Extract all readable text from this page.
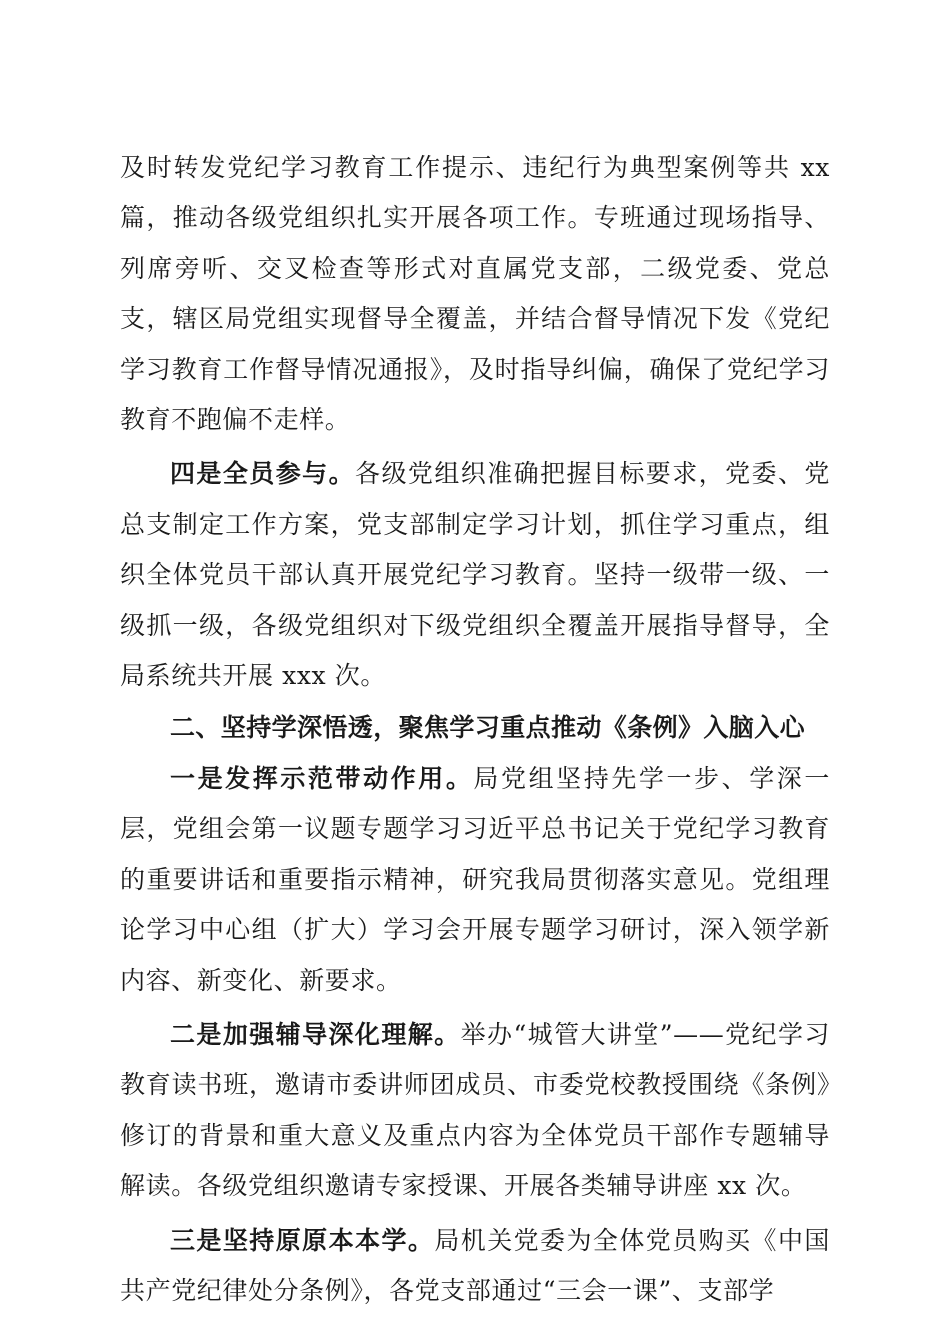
及时转发党纪学习教育工作提示、违纪行为典型案例等共 xx 篇，推动各级党组织扎实开展各项工作。专班通过现场指导、列席旁听、交叉检查等形式对直属党支部，二级党委、党总支，辖区局党组实现督导全覆盖，并结合督导情况下发《党纪学习教育工作督导情况通报》，及时指导纠偏，确保了党纪学习教育不跑偏不走样。

四是全员参与。各级党组织准确把握目标要求，党委、党总支制定工作方案，党支部制定学习计划，抓住学习重点，组织全体党员干部认真开展党纪学习教育。坚持一级带一级、一级抓一级，各级党组织对下级党组织全覆盖开展指导督导，全局系统共开展 xxx 次。

二、坚持学深悟透，聚焦学习重点推动《条例》入脑入心

一是发挥示范带动作用。局党组坚持先学一步、学深一层，党组会第一议题专题学习习近平总书记关于党纪学习教育的重要讲话和重要指示精神，研究我局贯彻落实意见。党组理论学习中心组（扩大）学习会开展专题学习研讨，深入领学新内容、新变化、新要求。

二是加强辅导深化理解。举办“城管大讲堂”——党纪学习教育读书班，邀请市委讲师团成员、市委党校教授围绕《条例》修订的背景和重大意义及重点内容为全体党员干部作专题辅导解读。各级党组织邀请专家授课、开展各类辅导讲座 xx 次。

三是坚持原原本本学。局机关党委为全体党员购买《中国共产党纪律处分条例》，各党支部通过“三会一课”、支部学
